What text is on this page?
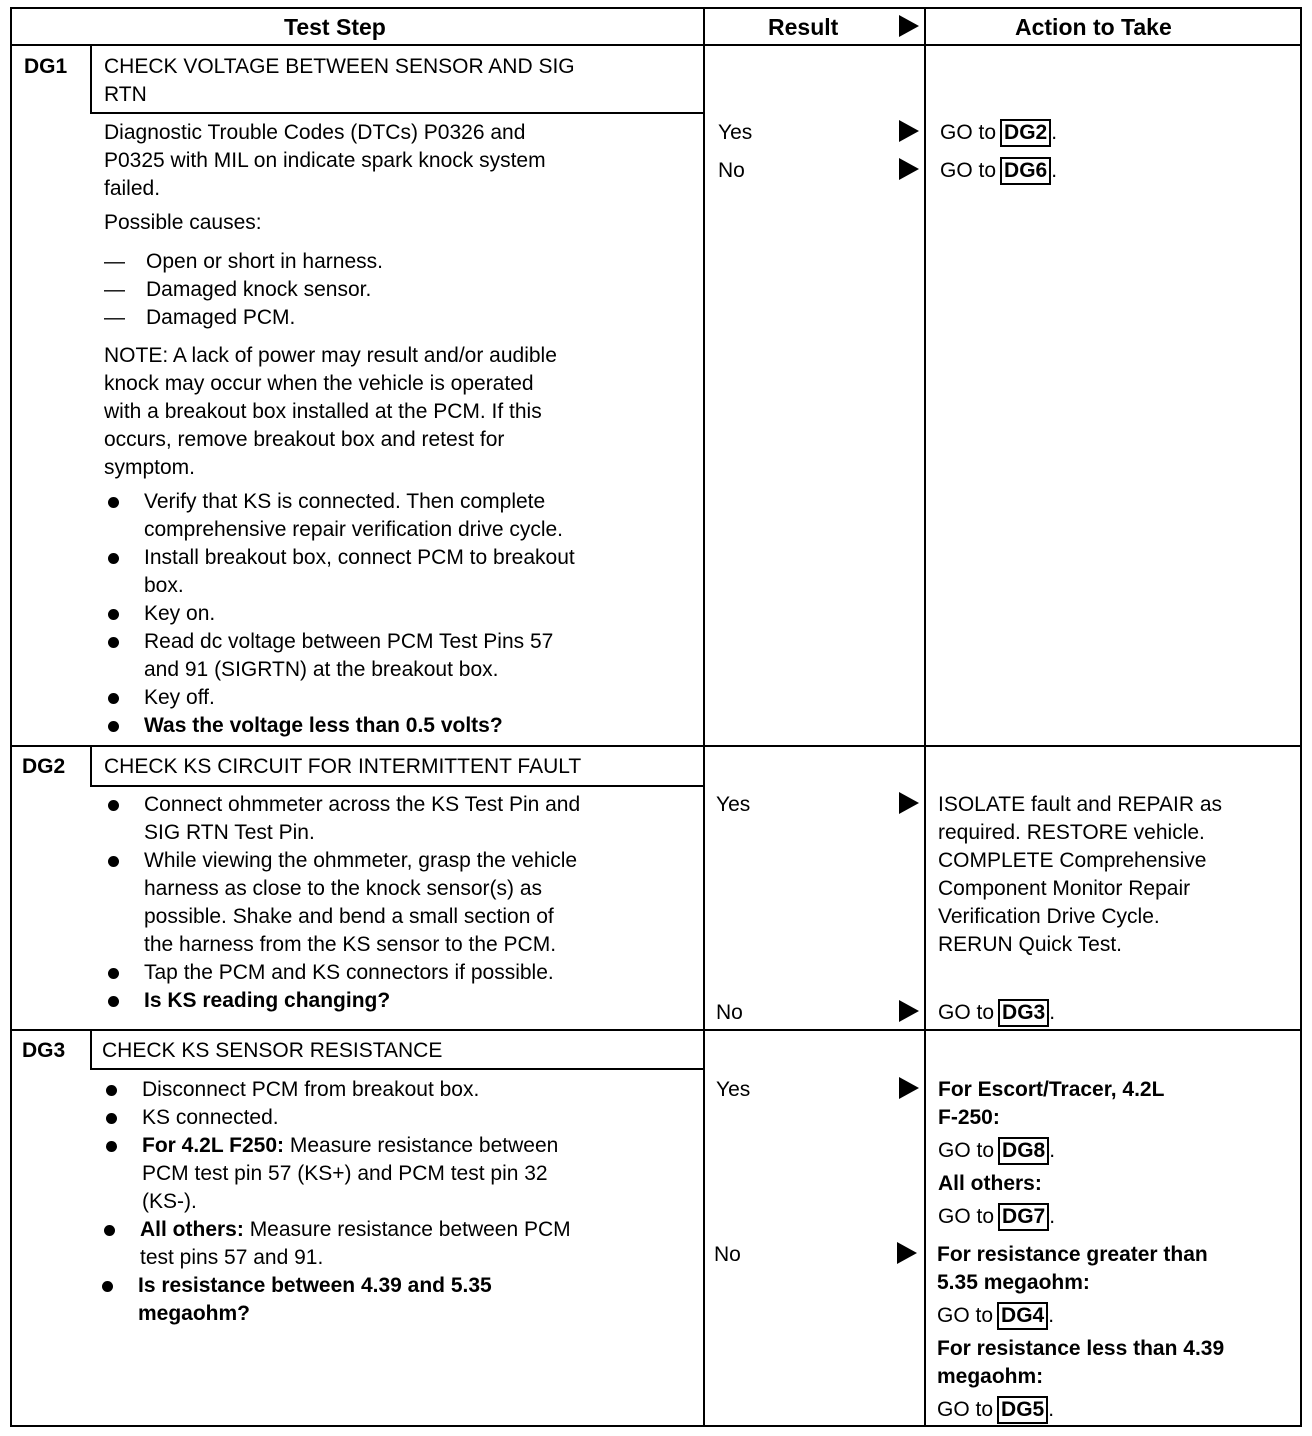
Test Step	Result	Action to Take
DG1 CHECK VOLTAGE BETWEEN SENSOR AND SIG
RTN
Diagnostic Trouble Codes (DTCs) P0326 and
P0325 with MIL on indicate spark knock system
failed.
Possible causes:
— Open or short in harness.
— Damaged knock sensor.
— Damaged PCM.
NOTE: A lack of power may result and/or audible
knock may occur when the vehicle is operated
with a breakout box installed at the PCM. If this
occurs, remove breakout box and retest for
symptom.
Verify that KS is connected. Then complete
comprehensive repair verification drive cycle.
Install breakout box, connect PCM to breakout
box.
Key on.
Read dc voltage between PCM Test Pins 57
and 91 (SIGRTN) at the breakout box.
Key off.
Was the voltage less than 0.5 volts?
Yes	GO to DG2 .
No	GO to DG6 .
DG2 CHECK KS CIRCUIT FOR INTERMITTENT FAULT
Connect ohmmeter across the KS Test Pin and
SIG RTN Test Pin.
While viewing the ohmmeter, grasp the vehicle
harness as close to the knock sensor(s) as
possible. Shake and bend a small section of
the harness from the KS sensor to the PCM.
Tap the PCM and KS connectors if possible.
Is KS reading changing?
Yes	ISOLATE fault and REPAIR as
required. RESTORE vehicle.
COMPLETE Comprehensive
Component Monitor Repair
Verification Drive Cycle.
RERUN Quick Test.
No	GO to DG3 .
DG3 CHECK KS SENSOR RESISTANCE
Disconnect PCM from breakout box.
KS connected.
For 4.2L F250: Measure resistance between
PCM test pin 57 (KS+) and PCM test pin 32
(KS-).
All others: Measure resistance between PCM
test pins 57 and 91.
Is resistance between 4.39 and 5.35
megaohm?
Yes	For Escort/Tracer, 4.2L
F-250:
GO to DG8 .
All others:
GO to DG7 .
No	For resistance greater than
5.35 megaohm:
GO to DG4 .
For resistance less than 4.39
megaohm:
GO to DG5 .
